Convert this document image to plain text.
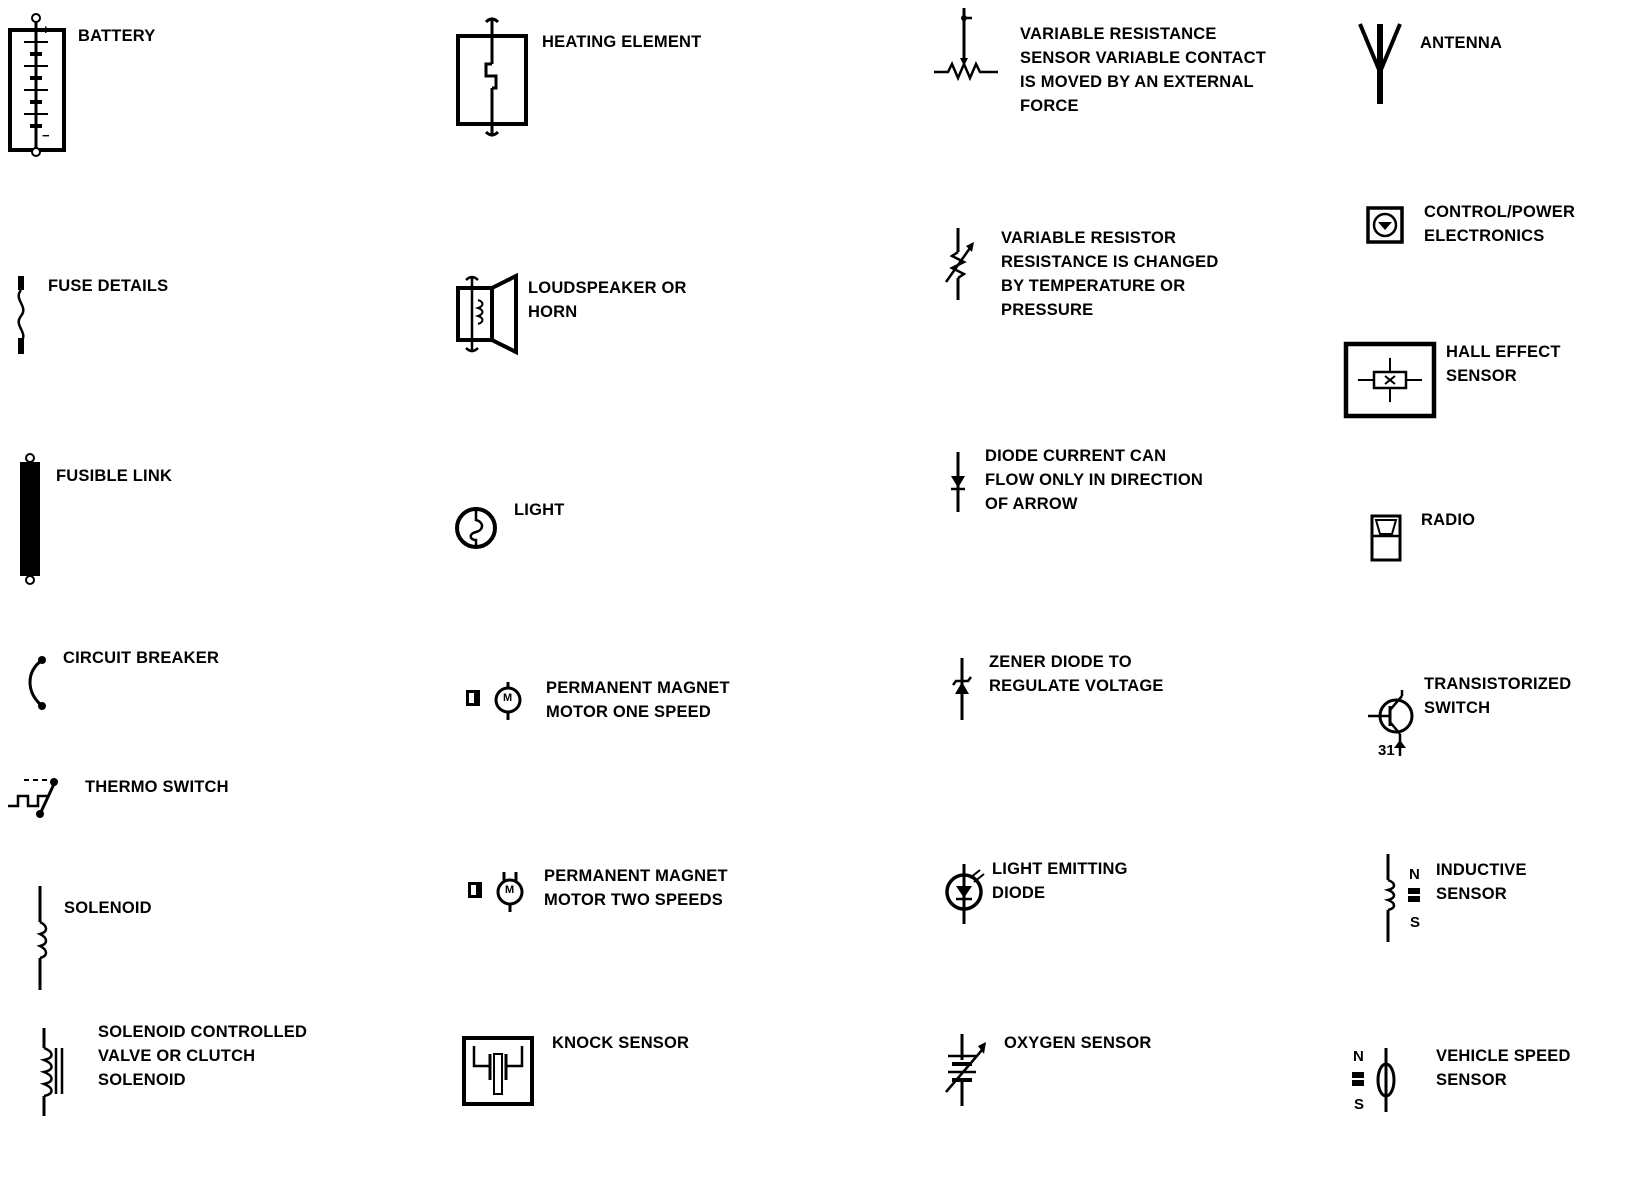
+
−
BATTERY
FUSE DETAILS
FUSIBLE LINK
CIRCUIT BREAKER
THERMO SWITCH
SOLENOID
SOLENOID CONTROLLED
VALVE OR CLUTCH
SOLENOID
HEATING ELEMENT
LOUDSPEAKER OR
HORN
LIGHT
M
PERMANENT MAGNET
MOTOR ONE SPEED
M
PERMANENT MAGNET
MOTOR TWO SPEEDS
KNOCK SENSOR
VARIABLE RESISTANCE
SENSOR VARIABLE CONTACT
IS MOVED BY AN EXTERNAL
FORCE
VARIABLE RESISTOR
RESISTANCE IS CHANGED
BY TEMPERATURE OR
PRESSURE
DIODE CURRENT CAN
FLOW ONLY IN DIRECTION
OF ARROW
ZENER DIODE TO
REGULATE VOLTAGE
LIGHT EMITTING
DIODE
OXYGEN SENSOR
ANTENNA
CONTROL/POWER
ELECTRONICS
HALL EFFECT
SENSOR
RADIO
31
TRANSISTORIZED
SWITCH
N
S
INDUCTIVE
SENSOR
N
S
VEHICLE SPEED
SENSOR
